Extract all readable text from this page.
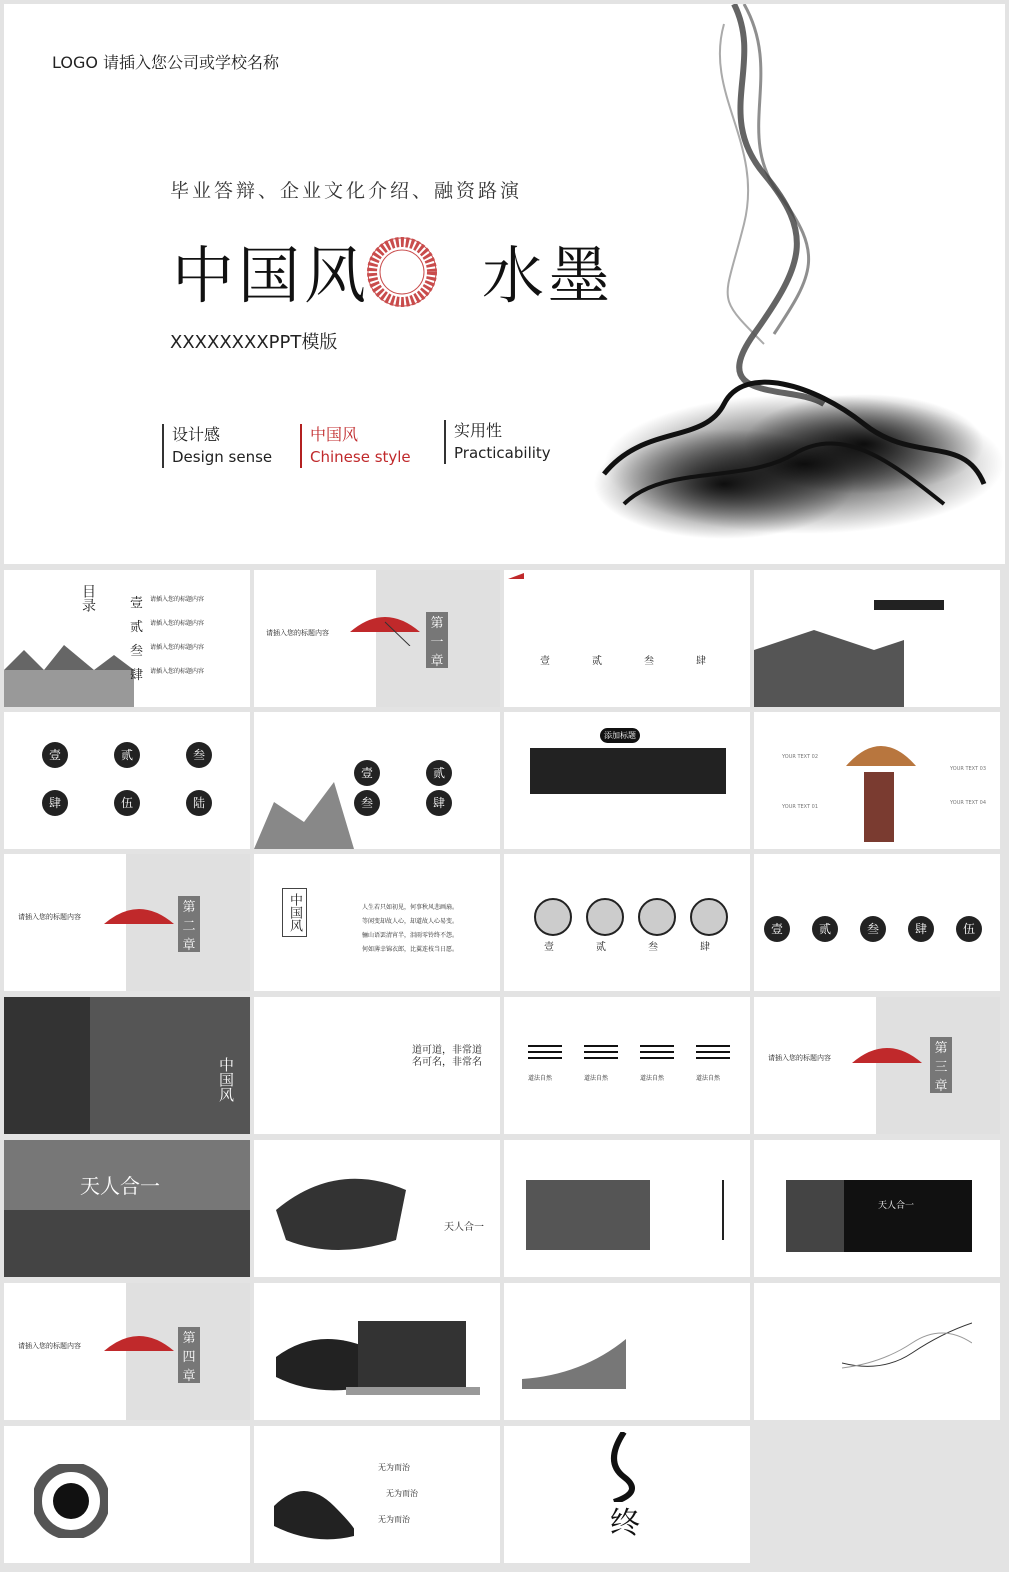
LOGO 请插入您公司或学校名称
毕业答辩、企业文化介绍、融资路演
中国风 水墨
XXXXXXXXPPT模版
设计感
Design sense
中国风
Chinese style
实用性
Practicability
目录	壹
贰
叁
肆
请插入您的标题内容
请插入您的标题内容
请插入您的标题内容
请插入您的标题内容
第一章
请插入您的标题内容
壹	贰	叁	肆
壹	贰	叁
肆	伍	陆
壹	贰
叁	肆
添加标题
YOUR TEXT 02
YOUR TEXT 03
YOUR TEXT 01
YOUR TEXT 04
第二章
请插入您的标题内容	中国风	人生若只如初见，何事秋风悲画扇。
等闲变却故人心，却道故人心易变。
骊山语罢清宵半，泪雨零铃终不怨。
何如薄幸锦衣郎，比翼连枝当日愿。	壹	贰	叁	肆
壹	贰	叁	肆	伍
中国风
道可道，非常道
名可名，非常名
道法自然	道法自然	道法自然	道法自然
第三章
请插入您的标题内容
天人合一
天人合一
天人合一
第四章
请插入您的标题内容
无为而治
无为而治
无为而治	终
